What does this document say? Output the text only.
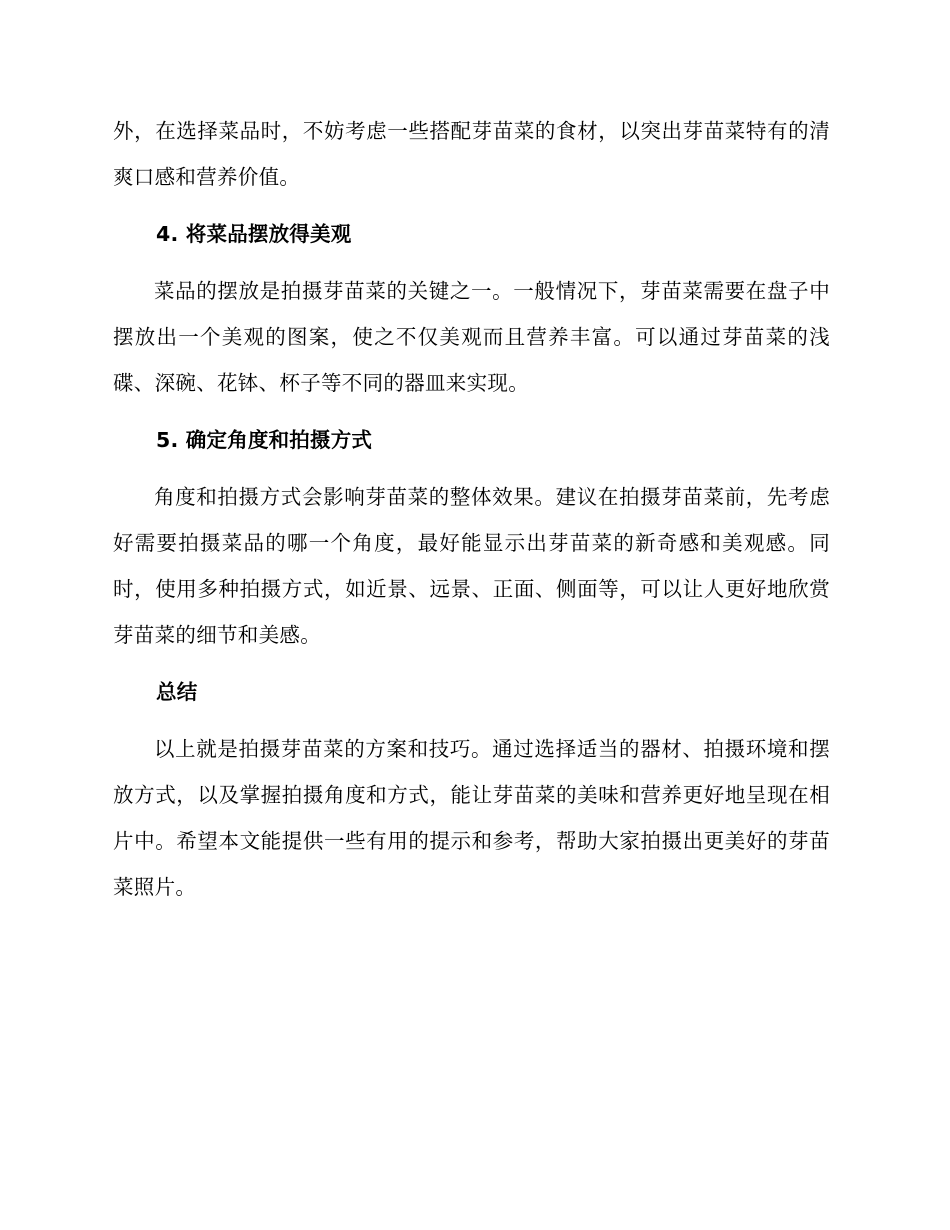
外，在选择菜品时，不妨考虑一些搭配芽苗菜的食材，以突出芽苗菜特有的清爽口感和营养价值。

4. 将菜品摆放得美观

菜品的摆放是拍摄芽苗菜的关键之一。一般情况下，芽苗菜需要在盘子中摆放出一个美观的图案，使之不仅美观而且营养丰富。可以通过芽苗菜的浅碟、深碗、花钵、杯子等不同的器皿来实现。

5. 确定角度和拍摄方式

角度和拍摄方式会影响芽苗菜的整体效果。建议在拍摄芽苗菜前，先考虑好需要拍摄菜品的哪一个角度，最好能显示出芽苗菜的新奇感和美观感。同时，使用多种拍摄方式，如近景、远景、正面、侧面等，可以让人更好地欣赏芽苗菜的细节和美感。

总结

以上就是拍摄芽苗菜的方案和技巧。通过选择适当的器材、拍摄环境和摆放方式，以及掌握拍摄角度和方式，能让芽苗菜的美味和营养更好地呈现在相片中。希望本文能提供一些有用的提示和参考，帮助大家拍摄出更美好的芽苗菜照片。
